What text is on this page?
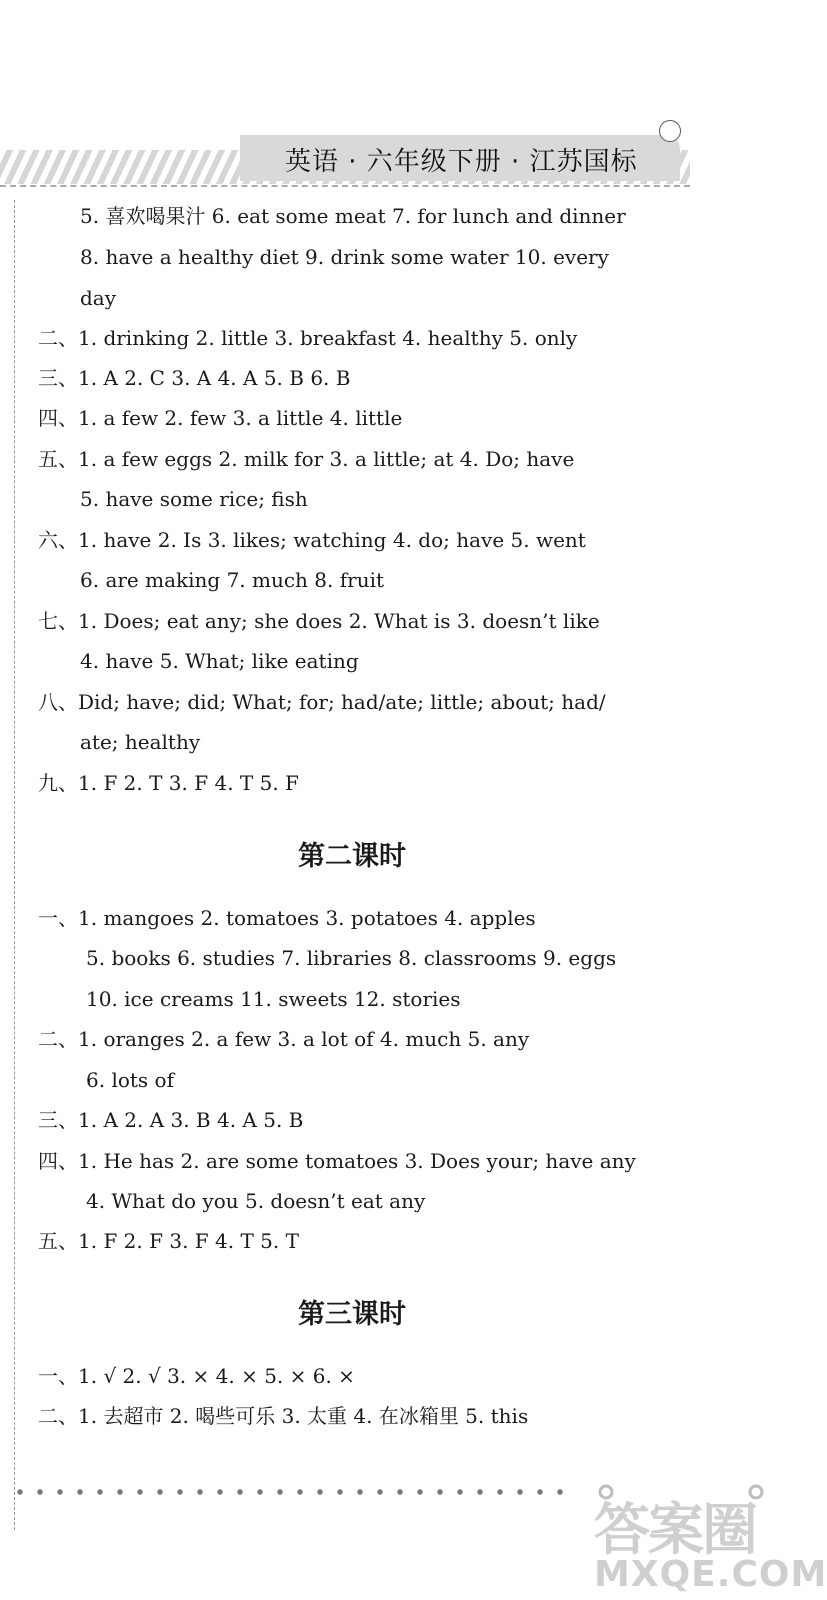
英语 · 六年级下册 · 江苏国标
5. 喜欢喝果汁 6. eat some meat 7. for lunch and dinner
8. have a healthy diet 9. drink some water 10. every
day
二、1. drinking 2. little 3. breakfast 4. healthy 5. only
三、1. A 2. C 3. A 4. A 5. B 6. B
四、1. a few 2. few 3. a little 4. little
五、1. a few eggs 2. milk for 3. a little; at 4. Do; have
5. have some rice; fish
六、1. have 2. Is 3. likes; watching 4. do; have 5. went
6. are making 7. much 8. fruit
七、1. Does; eat any; she does 2. What is 3. doesn’t like
4. have 5. What; like eating
八、Did; have; did; What; for; had/ate; little; about; had/
ate; healthy
九、1. F 2. T 3. F 4. T 5. F
第二课时
一、1. mangoes 2. tomatoes 3. potatoes 4. apples
5. books 6. studies 7. libraries 8. classrooms 9. eggs
10. ice creams 11. sweets 12. stories
二、1. oranges 2. a few 3. a lot of 4. much 5. any
6. lots of
三、1. A 2. A 3. B 4. A 5. B
四、1. He has 2. are some tomatoes 3. Does your; have any
4. What do you 5. doesn’t eat any
五、1. F 2. F 3. F 4. T 5. T
第三课时
一、1. √ 2. √ 3. × 4. × 5. × 6. ×
二、1. 去超市 2. 喝些可乐 3. 太重 4. 在冰箱里 5. this
答案圈
MXQE.COM
